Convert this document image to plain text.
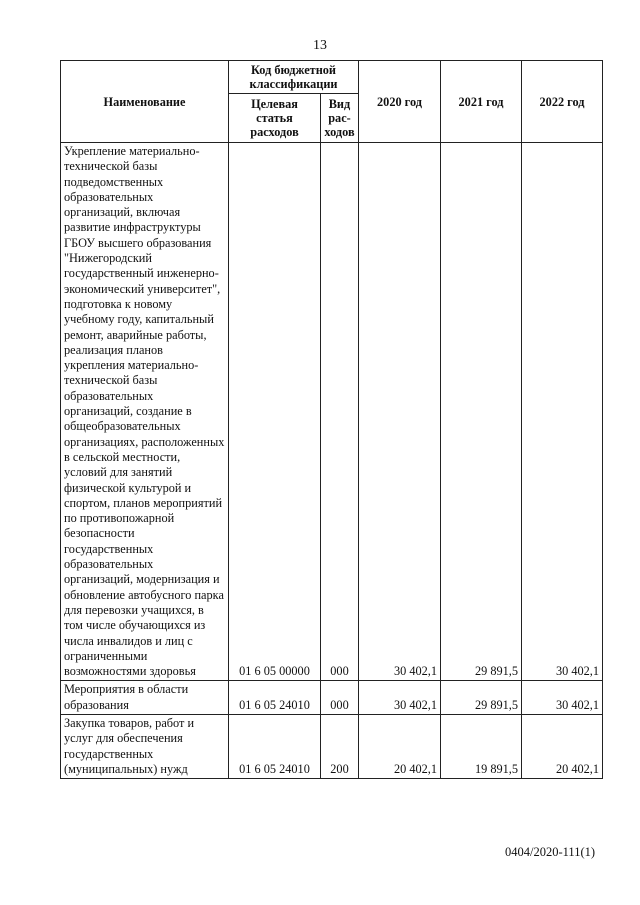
13
Наименование	Код бюджетной классификации		2020 год	2021 год	2022 год
	Целевая статья расходов	Вид рас-ходов			
Укрепление материально-технической базы подведомственных образовательных организаций, включая развитие инфраструктуры ГБОУ высшего образования "Нижегородский государственный инженерно-экономический университет", подготовка к новому учебному году, капитальный ремонт, аварийные работы, реализация планов укрепления материально-технической базы образовательных организаций, создание в общеобразовательных организациях, расположенных в сельской местности, условий для занятий физической культурой и спортом, планов мероприятий по противопожарной безопасности государственных образовательных организаций, модернизация и обновление автобусного парка для перевозки учащихся, в том числе обучающихся из числа инвалидов и лиц с ограниченными возможностями здоровья	01 6 05 00000	000	30 402,1	29 891,5	30 402,1
Мероприятия в области образования	01 6 05 24010	000	30 402,1	29 891,5	30 402,1
Закупка товаров, работ и услуг для обеспечения государственных (муниципальных) нужд	01 6 05 24010	200	20 402,1	19 891,5	20 402,1
0404/2020-111(1)
